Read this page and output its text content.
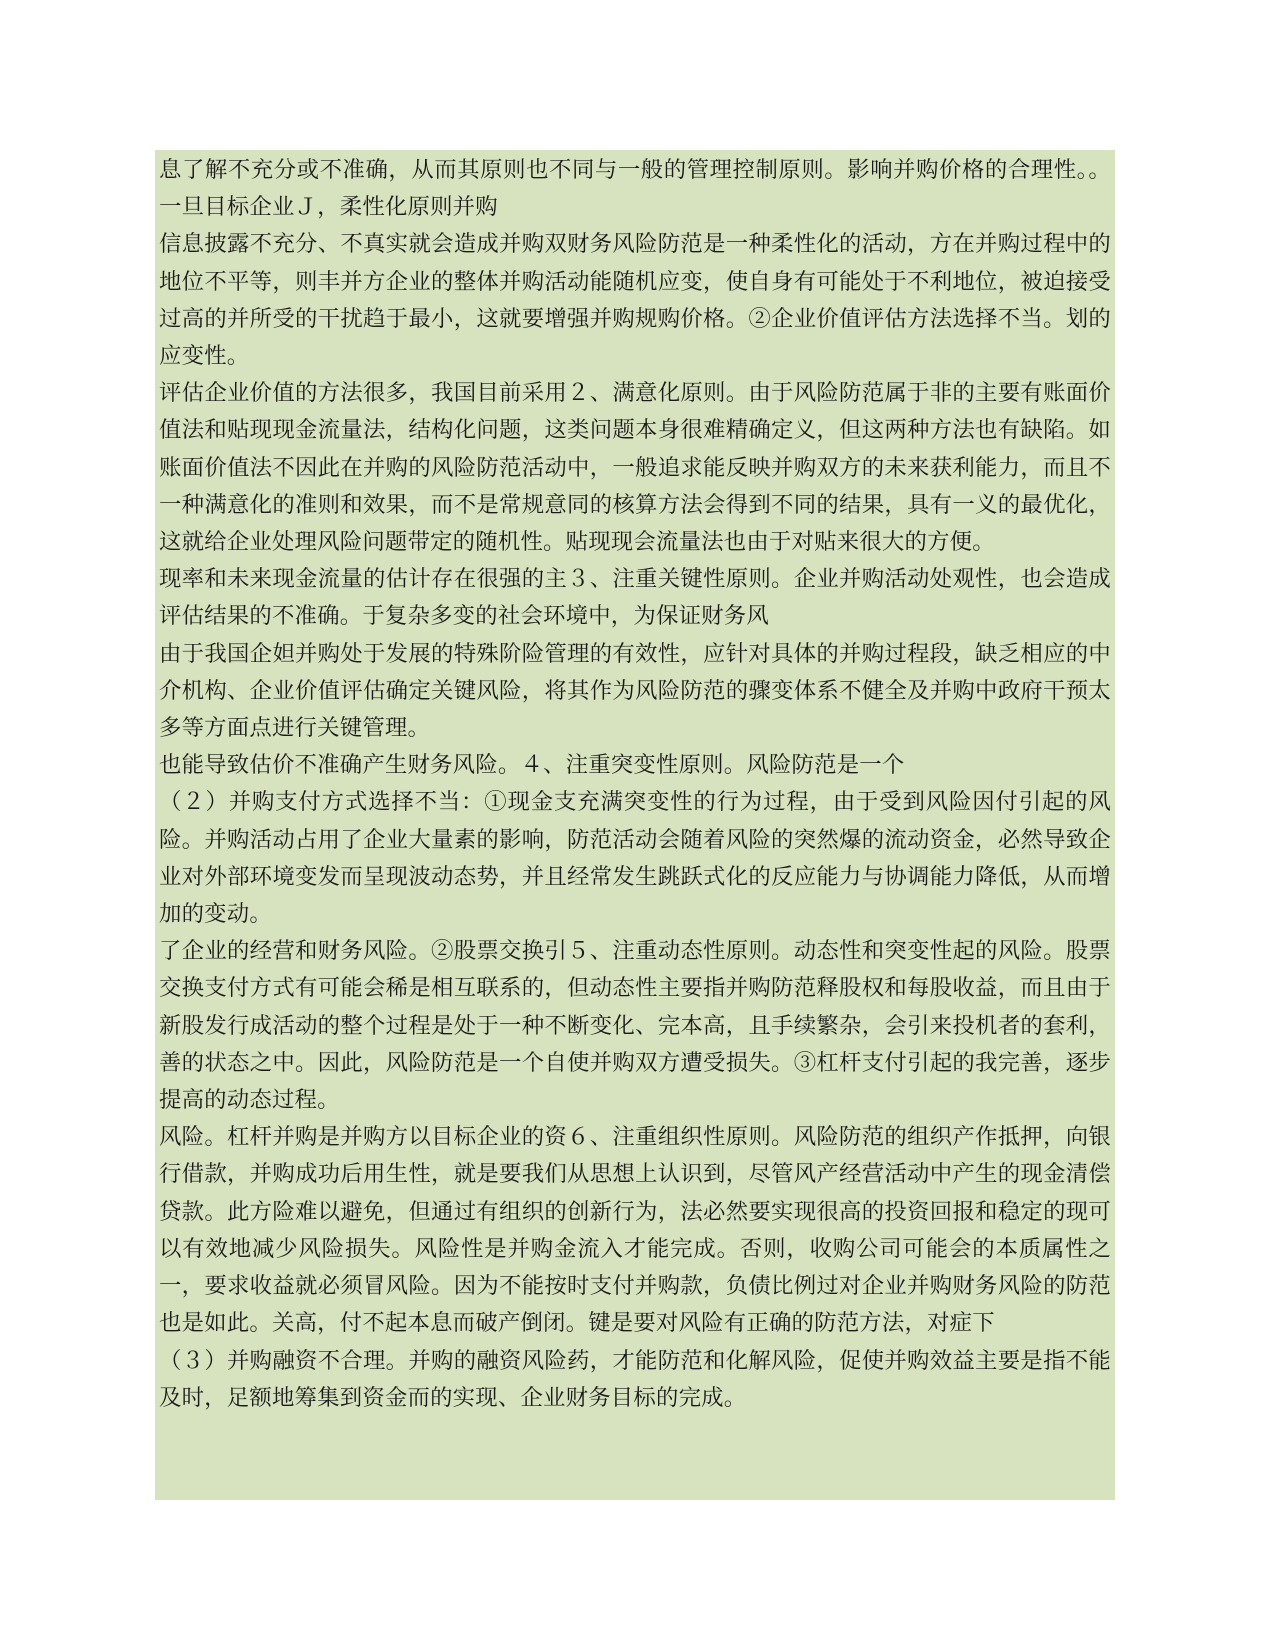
息了解不充分或不准确，从而其原则也不同与一般的管理控制原则。影响并购价格的合理性。。一旦目标企业Ｊ，柔性化原则并购

信息披露不充分、不真实就会造成并购双财务风险防范是一种柔性化的活动，方在并购过程中的地位不平等，则丰并方企业的整体并购活动能随机应变，使自身有可能处于不利地位，被迫接受过高的并所受的干扰趋于最小，这就要增强并购规购价格。②企业价值评估方法选择不当。划的应变性。

评估企业价值的方法很多，我国目前采用２、满意化原则。由于风险防范属于非的主要有账面价值法和贴现现金流量法，结构化问题，这类问题本身很难精确定义，但这两种方法也有缺陷。如账面价值法不因此在并购的风险防范活动中，一般追求能反映并购双方的未来获利能力，而且不一种满意化的准则和效果，而不是常规意同的核算方法会得到不同的结果，具有一义的最优化，这就给企业处理风险问题带定的随机性。贴现现会流量法也由于对贴来很大的方便。

现率和未来现金流量的估计存在很强的主３、注重关键性原则。企业并购活动处观性，也会造成评估结果的不准确。于复杂多变的社会环境中，为保证财务风

由于我国企妲并购处于发展的特殊阶险管理的有效性，应针对具体的并购过程段，缺乏相应的中介机构、企业价值评估确定关键风险，将其作为风险防范的骤变体系不健全及并购中政府干预太多等方面点进行关键管理。

也能导致估价不准确产生财务风险。４、注重突变性原则。风险防范是一个

（２）并购支付方式选择不当：①现金支充满突变性的行为过程，由于受到风险因付引起的风险。并购活动占用了企业大量素的影响，防范活动会随着风险的突然爆的流动资金，必然导致企业对外部环境变发而呈现波动态势，并且经常发生跳跃式化的反应能力与协调能力降低，从而增加的变动。

了企业的经营和财务风险。②股票交换引５、注重动态性原则。动态性和突变性起的风险。股票交换支付方式有可能会稀是相互联系的，但动态性主要指并购防范释股权和每股收益，而且由于新股发行成活动的整个过程是处于一种不断变化、完本高，且手续繁杂，会引来投机者的套利，善的状态之中。因此，风险防范是一个自使并购双方遭受损失。③杠杆支付引起的我完善，逐步提高的动态过程。

风险。杠杆并购是并购方以目标企业的资６、注重组织性原则。风险防范的组织产作抵押，向银行借款，并购成功后用生性，就是要我们从思想上认识到，尽管风产经营活动中产生的现金清偿贷款。此方险难以避免，但通过有组织的创新行为，法必然要实现很高的投资回报和稳定的现可以有效地减少风险损失。风险性是并购金流入才能完成。否则，收购公司可能会的本质属性之一，要求收益就必须冒风险。因为不能按时支付并购款，负债比例过对企业并购财务风险的防范也是如此。关高，付不起本息而破产倒闭。键是要对风险有正确的防范方法，对症下

（３）并购融资不合理。并购的融资风险药，才能防范和化解风险，促使并购效益主要是指不能及时，足额地筹集到资金而的实现、企业财务目标的完成。
